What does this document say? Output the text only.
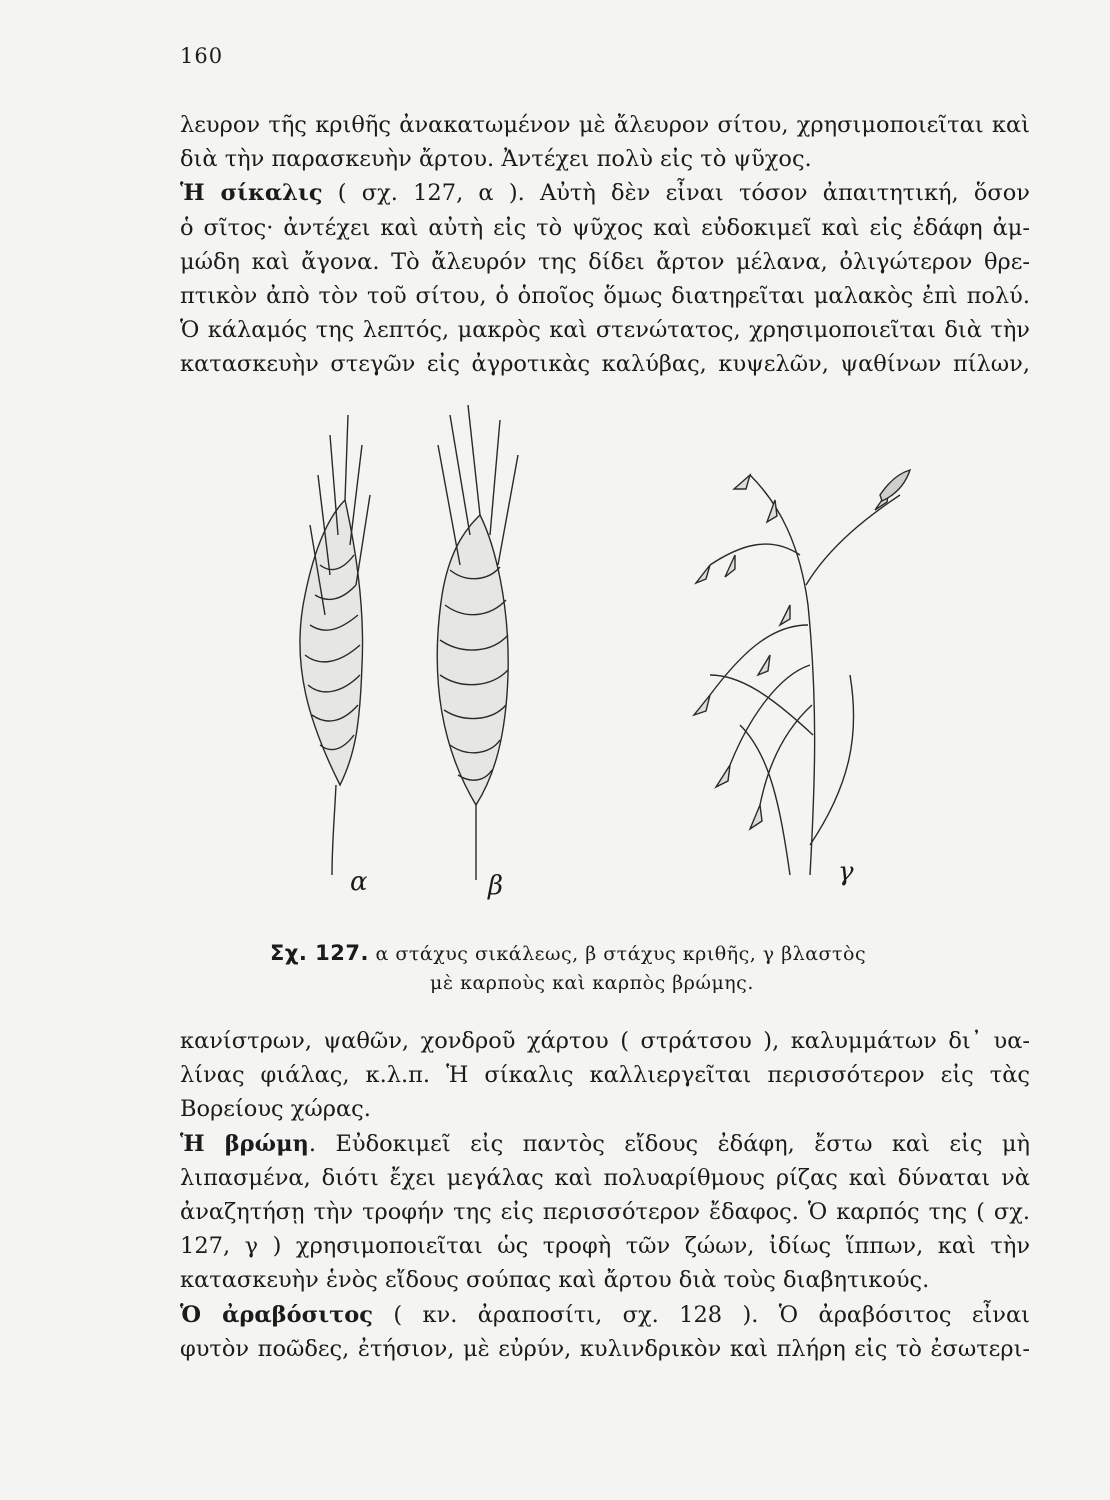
160
λευρον τῆς κριθῆς ἀνακατωμένον μὲ ἄλευρον σίτου, χρησιμοποιεῖται καὶ
διὰ τὴν παρασκευὴν ἄρτου. Ἀντέχει πολὺ εἰς τὸ ψῦχος.
Ἡ σίκαλις ( σχ. 127, α ). Αὐτὴ δὲν εἶναι τόσον ἀπαιτητική, ὅσον
ὁ σῖτος· ἀντέχει καὶ αὐτὴ εἰς τὸ ψῦχος καὶ εὐδοκιμεῖ καὶ εἰς ἐδάφη ἀμ-
μώδη καὶ ἄγονα. Τὸ ἄλευρόν της δίδει ἄρτον μέλανα, ὀλιγώτερον θρε-
πτικὸν ἀπὸ τὸν τοῦ σίτου, ὁ ὁποῖος ὅμως διατηρεῖται μαλακὸς ἐπὶ πολύ.
Ὁ κάλαμός της λεπτός, μακρὸς καὶ στενώτατος, χρησιμοποιεῖται διὰ τὴν
κατασκευὴν στεγῶν εἰς ἀγροτικὰς καλύβας, κυψελῶν, ψαθίνων πίλων,
α	β	γ
Σχ. 127. α στάχυς σικάλεως, β στάχυς κριθῆς, γ βλαστὸς
μὲ καρποὺς καὶ καρπὸς βρώμης.
κανίστρων, ψαθῶν, χονδροῦ χάρτου ( στράτσου ), καλυμμάτων δι᾽ υα-
λίνας φιάλας, κ.λ.π. Ἡ σίκαλις καλλιεργεῖται περισσότερον εἰς τὰς
Βορείους χώρας.
Ἡ βρώμη. Εὐδοκιμεῖ εἰς παντὸς εἴδους ἐδάφη, ἔστω καὶ εἰς μὴ
λιπασμένα, διότι ἔχει μεγάλας καὶ πολυαρίθμους ρίζας καὶ δύναται νὰ
ἀναζητήσῃ τὴν τροφήν της εἰς περισσότερον ἔδαφος. Ὁ καρπός της ( σχ.
127, γ ) χρησιμοποιεῖται ὡς τροφὴ τῶν ζώων, ἰδίως ἵππων, καὶ τὴν
κατασκευὴν ἑνὸς εἴδους σούπας καὶ ἄρτου διὰ τοὺς διαβητικούς.
Ὁ ἀραβόσιτος ( κν. ἀραποσίτι, σχ. 128 ). Ὁ ἀραβόσιτος εἶναι
φυτὸν ποῶδες, ἐτήσιον, μὲ εὐρύν, κυλινδρικὸν καὶ πλήρη εἰς τὸ ἐσωτερι-
